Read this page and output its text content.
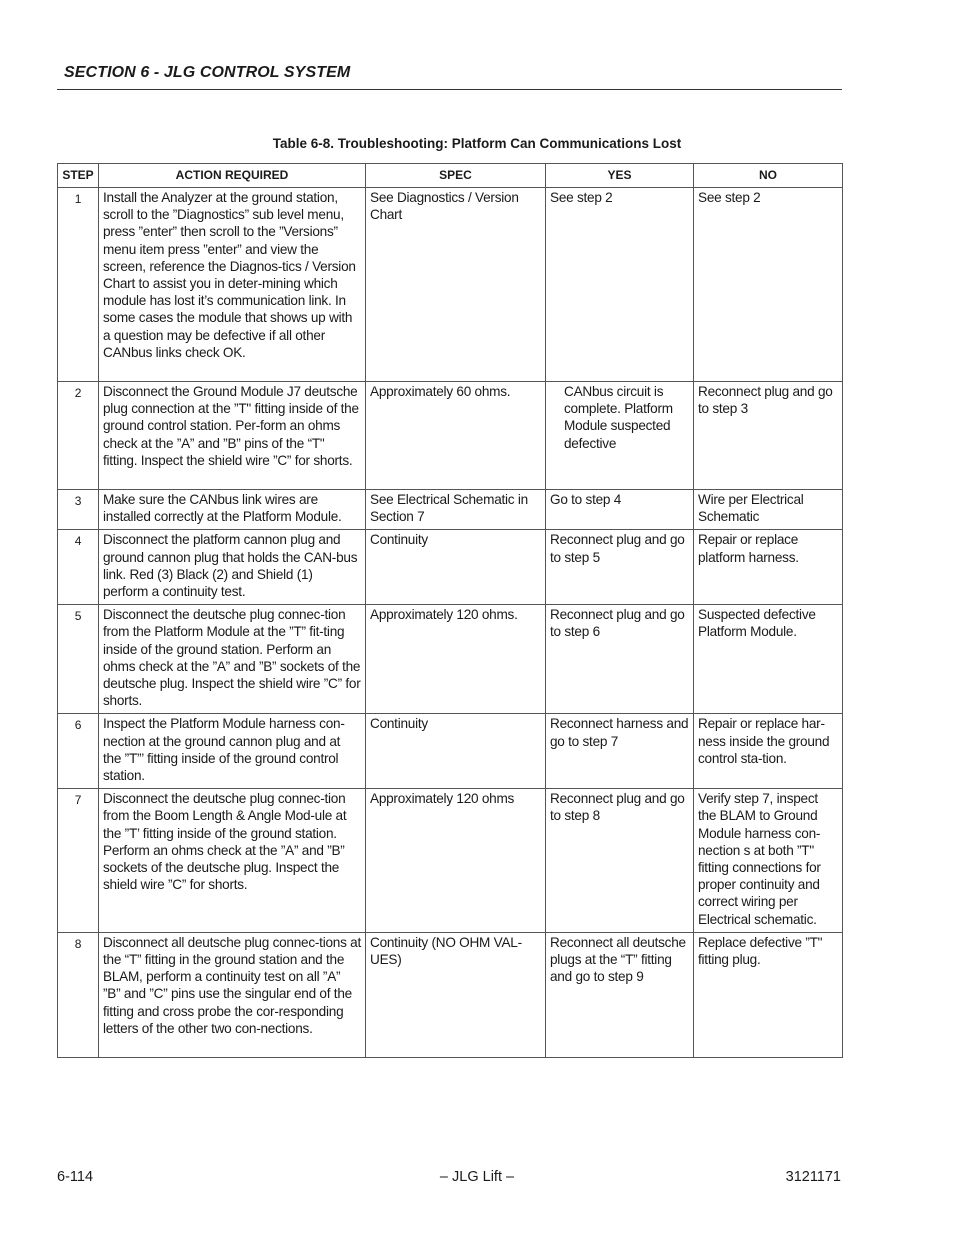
SECTION 6 - JLG CONTROL SYSTEM
Table 6-8. Troubleshooting: Platform Can Communications Lost
STEP	ACTION REQUIRED	SPEC	YES	NO
1	Install the Analyzer at the ground station, scroll to the ”Diagnostics” sub level menu, press ”enter” then scroll to the ”Versions” menu item press ”enter” and view the screen, reference the Diagnos-tics / Version Chart to assist you in deter-mining which module has lost it’s communication link. In some cases the module that shows up with a question may be defective if all other CANbus links check OK.	See Diagnostics / Version Chart	See step 2	See step 2
2	Disconnect the Ground Module J7 deutsche plug connection at the ”T" fitting inside of the ground control station. Per-form an ohms check at the ”A” and ”B” pins of the “T" fitting. Inspect the shield wire ”C” for shorts.	Approximately 60 ohms.	CANbus circuit is complete. Platform Module suspected defective	Reconnect plug and go to step 3
3	Make sure the CANbus link wires are installed correctly at the Platform Module.	See Electrical Schematic in Section 7	Go to step 4	Wire per Electrical Schematic
4	Disconnect the platform cannon plug and ground cannon plug that holds the CAN-bus link. Red (3) Black (2) and Shield (1) perform a continuity test.	Continuity	Reconnect plug and go to step 5	Repair or replace platform harness.
5	Disconnect the deutsche plug connec-tion from the Platform Module at the ”T” fit-ting inside of the ground station. Perform an ohms check at the ”A” and ”B” sockets of the deutsche plug. Inspect the shield wire ”C” for shorts.	Approximately 120 ohms.	Reconnect plug and go to step 6	Suspected defective Platform Module.
6	Inspect the Platform Module harness con-nection at the ground cannon plug and at the ”T”’ fitting inside of the ground control station.	Continuity	Reconnect harness and go to step 7	Repair or replace har-ness inside the ground control sta-tion.
7	Disconnect the deutsche plug connec-tion from the Boom Length & Angle Mod-ule at the ”T’ fitting inside of the ground station. Perform an ohms check at the ”A” and ”B” sockets of the deutsche plug. Inspect the shield wire ”C” for shorts.	Approximately 120 ohms	Reconnect plug and go to step 8	Verify step 7, inspect the BLAM to Ground Module harness con-nection s at both ”T" fitting connections for proper continuity and correct wiring per Electrical schematic.
8	Disconnect all deutsche plug connec-tions at the “T” fitting in the ground station and the BLAM, perform a continuity test on all ”A” ”B” and ”C” pins use the singular end of the fitting and cross probe the cor-responding letters of the other two con-nections.	Continuity (NO OHM VAL-UES)	Reconnect all deutsche plugs at the “T” fitting and go to step 9	Replace defective ”T" fitting plug.
6-114	– JLG Lift –	3121171
